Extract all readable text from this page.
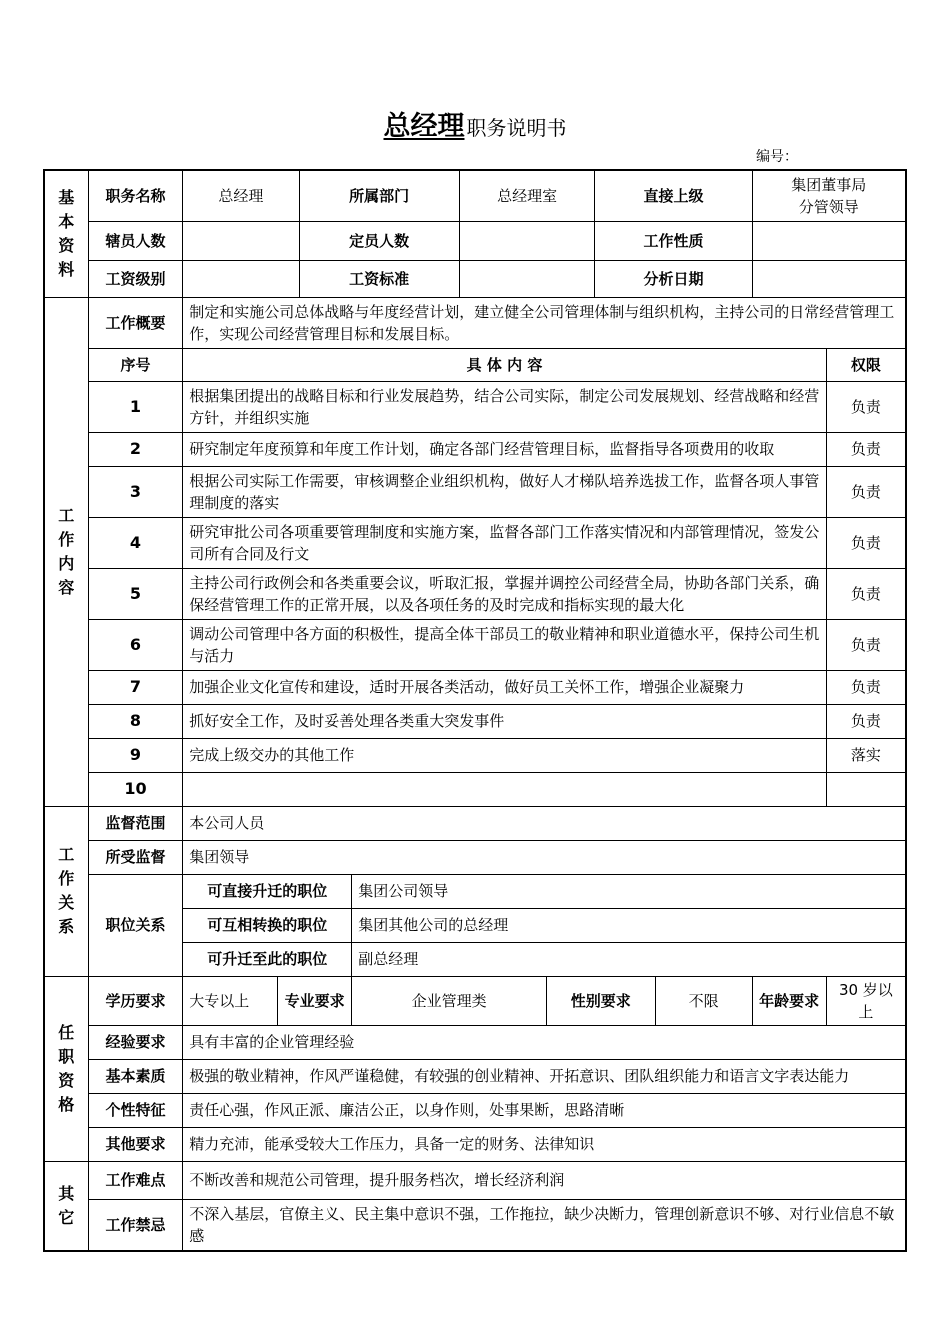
总经理 职务说明书
编号：
基
本
资
料	职务名称	总经理		所属部门		总经理室		直接上级		集团董事局
分管领导	
	辖员人数			定员人数				工作性质			
	工资级别			工资标准				分析日期			
工
作
内
容	工作概要	制定和实施公司总体战略与年度经营计划，建立健全公司管理体制与组织机构，主持公司的日常经营管理工作，实现公司经营管理目标和发展目标。									
	序号	具 体 内 容									权限
	1	根据集团提出的战略目标和行业发展趋势，结合公司实际，制定公司发展规划、经营战略和经营方针，并组织实施									负责
	2	研究制定年度预算和年度工作计划，确定各部门经营管理目标，监督指导各项费用的收取									负责
	3	根据公司实际工作需要，审核调整企业组织机构，做好人才梯队培养选拔工作，监督各项人事管理制度的落实									负责
	4	研究审批公司各项重要管理制度和实施方案，监督各部门工作落实情况和内部管理情况，签发公司所有合同及行文									负责
	5	主持公司行政例会和各类重要会议，听取汇报，掌握并调控公司经营全局，协助各部门关系，确保经营管理工作的正常开展，以及各项任务的及时完成和指标实现的最大化									负责
	6	调动公司管理中各方面的积极性，提高全体干部员工的敬业精神和职业道德水平，保持公司生机与活力									负责
	7	加强企业文化宣传和建设，适时开展各类活动，做好员工关怀工作，增强企业凝聚力									负责
	8	抓好安全工作，及时妥善处理各类重大突发事件									负责
	9	完成上级交办的其他工作									落实
	10										
工
作
关
系	监督范围	本公司人员									
	所受监督	集团领导									
	职位关系	可直接升迁的职位			集团公司领导						
		可互相转换的职位			集团其他公司的总经理						
		可升迁至此的职位			副总经理						
任
职
资
格	学历要求	大专以上	专业要求		企业管理类		性别要求		不限	年龄要求	30 岁以上
	经验要求	具有丰富的企业管理经验									
	基本素质	极强的敬业精神，作风严谨稳健，有较强的创业精神、开拓意识、团队组织能力和语言文字表达能力									
	个性特征	责任心强，作风正派、廉洁公正，以身作则，处事果断，思路清晰									
	其他要求	精力充沛，能承受较大工作压力，具备一定的财务、法律知识									
其
它	工作难点	不断改善和规范公司管理，提升服务档次，增长经济利润									
	工作禁忌	不深入基层，官僚主义、民主集中意识不强，工作拖拉，缺少决断力，管理创新意识不够、对行业信息不敏感									
